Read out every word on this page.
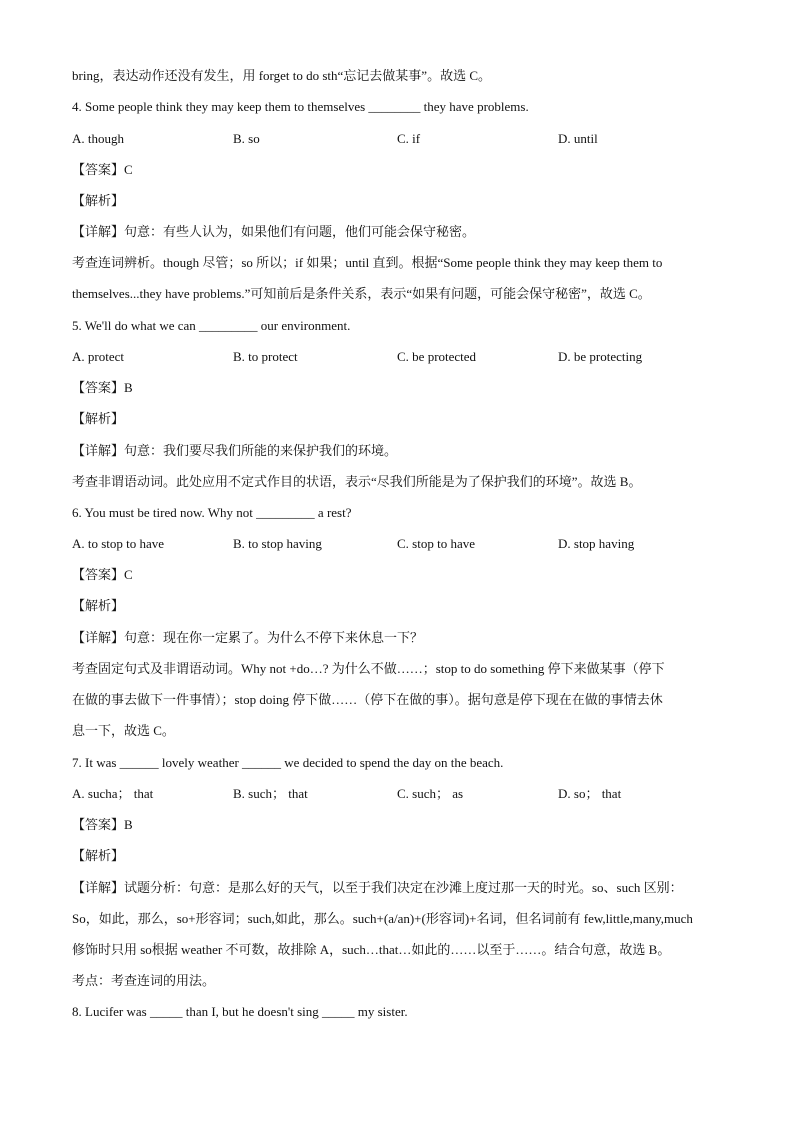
bring，表达动作还没有发生，用 forget to do sth“忘记去做某事”。故选 C。
4. Some people think they may keep them to themselves ________ they have problems.
A. though	B. so	C. if	D. until
【答案】C
【解析】
【详解】句意：有些人认为，如果他们有问题，他们可能会保守秘密。
考查连词辨析。though 尽管；so 所以；if 如果；until 直到。根据“Some people think they may keep them to
themselves...they have problems.”可知前后是条件关系，表示“如果有问题，可能会保守秘密”，故选 C。
5. We'll do what we can _________ our environment.
A. protect	B. to protect	C. be protected	D. be protecting
【答案】B
【解析】
【详解】句意：我们要尽我们所能的来保护我们的环境。
考查非谓语动词。此处应用不定式作目的状语，表示“尽我们所能是为了保护我们的环境”。故选 B。
6. You must be tired now. Why not _________ a rest?
A. to stop to have	B. to stop having	C. stop to have	D. stop having
【答案】C
【解析】
【详解】句意：现在你一定累了。为什么不停下来休息一下？
考查固定句式及非谓语动词。Why not +do…? 为什么不做……；stop to do something 停下来做某事（停下
在做的事去做下一件事情）；stop doing 停下做……（停下在做的事）。据句意是停下现在在做的事情去休
息一下，故选 C。
7. It was ______ lovely weather ______ we decided to spend the day on the beach.
A. sucha； that	B. such； that	C. such； as	D. so； that
【答案】B
【解析】
【详解】试题分析：句意：是那么好的天气，以至于我们决定在沙滩上度过那一天的时光。so、such 区别：
So，如此，那么，so+形容词；such,如此，那么。such+(a/an)+(形容词)+名词，但名词前有 few,little,many,much
修饰时只用 so根据 weather 不可数，故排除 A，such…that…如此的……以至于……。结合句意，故选 B。
考点：考查连词的用法。
8. Lucifer was _____ than I, but he doesn't sing _____ my sister.
